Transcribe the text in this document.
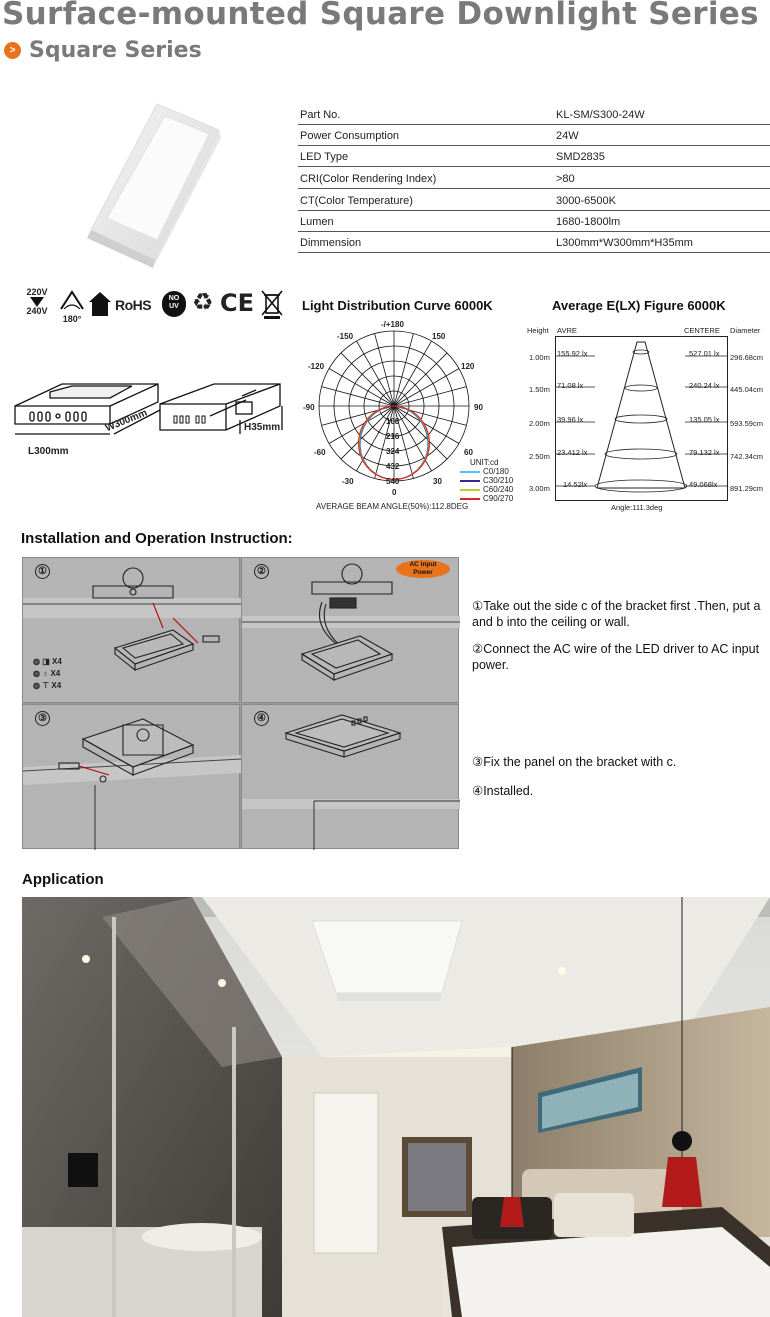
Surface-mounted Square Downlight Series
> Square Series
Part No.	KL-SM/S300-24W
Power Consumption	24W
LED Type	SMD2835
CRI(Color Rendering Index)	>80
CT(Color Temperature)	3000-6500K
Lumen	1680-1800lm
Dimmension	L300mm*W300mm*H35mm
220V
AC
240V
180°
RoHS	NO
UV ♻ CE
L300mm
W300mm	H35mm
Light Distribution Curve 6000K
-/+180
-150	150
-120	120
-90	90
-60	60
-30	30
0
0
108
216
324
432
540
UNIT:cd
C0/180
C30/210
C60/240
C90/270
AVERAGE BEAM ANGLE(50%):112.8DEG
Average E(LX) Figure 6000K
Height AVRE	CENTERE Diameter
1.00m 155.92 lx	527.01 lx 296.68cm
1.50m 71.08 lx	240.24 lx 445.04cm
2.00m 39.96 lx	135.05 lx 593.59cm
2.50m 23.412 lx	79.132 lx 742.34cm
3.00m 14.52lx	49.068lx 891.29cm
Angle:111.3deg
Installation and Operation Instruction:
①
◍ ◨ X4
◍ ♁ X4
◍ ⊤ X4
②
AC Input
Power
③	④
①Take out the side c of the bracket first .Then, put a and b into the ceiling or wall.
②Connect the AC wire of the LED driver to AC input power.
③Fix the panel on the bracket with c.
④Installed.
Application
